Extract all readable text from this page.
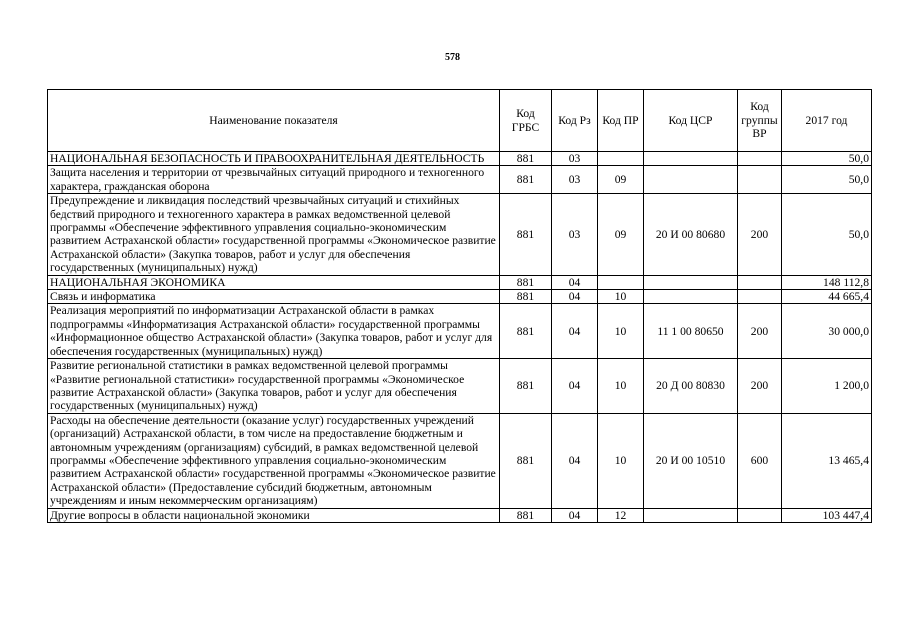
578
Наименование показателя	Код ГРБС	Код Рз	Код ПР	Код ЦСР	Код группы ВР	2017 год
НАЦИОНАЛЬНАЯ БЕЗОПАСНОСТЬ И ПРАВООХРАНИТЕЛЬНАЯ ДЕЯТЕЛЬНОСТЬ	881	03				50,0
Защита населения и территории от чрезвычайных ситуаций природного и техногенного характера, гражданская оборона	881	03	09			50,0
Предупреждение и ликвидация последствий чрезвычайных ситуаций и стихийных бедствий природного и техногенного характера в рамках ведомственной целевой программы «Обеспечение эффективного управления социально-экономическим развитием Астраханской области» государственной программы «Экономическое развитие Астраханской области» (Закупка товаров, работ и услуг для обеспечения государственных (муниципальных) нужд)	881	03	09	20 И 00 80680	200	50,0
НАЦИОНАЛЬНАЯ ЭКОНОМИКА	881	04				148 112,8
Связь и информатика	881	04	10			44 665,4
Реализация мероприятий по информатизации Астраханской области в рамках подпрограммы «Информатизация Астраханской области» государственной программы «Информационное общество Астраханской области» (Закупка товаров, работ и услуг для обеспечения государственных (муниципальных) нужд)	881	04	10	11 1 00 80650	200	30 000,0
Развитие региональной статистики в рамках ведомственной целевой программы «Развитие региональной статистики» государственной программы «Экономическое развитие Астраханской области» (Закупка товаров, работ и услуг для обеспечения государственных (муниципальных) нужд)	881	04	10	20 Д 00 80830	200	1 200,0
Расходы на обеспечение деятельности (оказание услуг) государственных учреждений (организаций) Астраханской области, в том числе на предоставление бюджетным и автономным учреждениям (организациям) субсидий, в рамках ведомственной целевой программы «Обеспечение эффективного управления социально-экономическим развитием Астраханской области» государственной программы «Экономическое развитие Астраханской области» (Предоставление субсидий бюджетным, автономным учреждениям и иным некоммерческим организациям)	881	04	10	20 И 00 10510	600	13 465,4
Другие вопросы в области национальной экономики	881	04	12			103 447,4
